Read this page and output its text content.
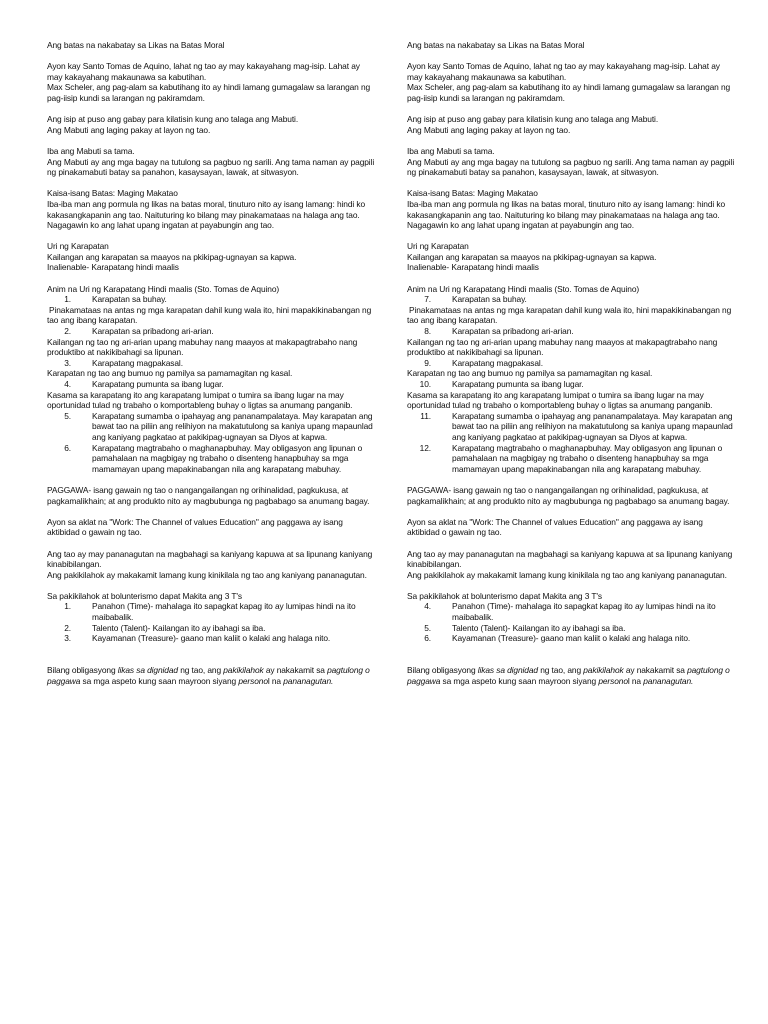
Ang batas na nakabatay sa Likas na Batas Moral
Ayon kay Santo Tomas de Aquino, lahat ng tao ay may kakayahang mag-isip. Lahat ay may kakayahang makaunawa sa kabutihan.
Max Scheler, ang pag-alam sa kabutihang ito ay hindi lamang gumagalaw sa larangan ng pag-iisip kundi sa larangan ng pakiramdam.
Ang isip at puso ang gabay para kilatisin kung ano talaga ang Mabuti.
Ang Mabuti ang laging pakay at layon ng tao.
Iba ang Mabuti sa tama.
Ang Mabuti ay ang mga bagay na tutulong sa pagbuo ng sarili. Ang tama naman ay pagpili ng pinakamabuti batay sa panahon, kasaysayan, lawak, at sitwasyon.
Kaisa-isang Batas: Maging Makatao
Iba-iba man ang pormula ng likas na batas moral, tinuturo nito ay isang lamang: hindi ko kakasangkapanin ang tao. Naituturing ko bilang may pinakamataas na halaga ang tao. Nagagawin ko ang lahat upang ingatan at payabungin ang tao.
Uri ng Karapatan
Kailangan ang karapatan sa maayos na pkikipag-ugnayan sa kapwa.
Inalienable- Karapatang hindi maalis
Anim na Uri ng Karapatang Hindi maalis (Sto. Tomas de Aquino)
1.	Karapatan sa buhay.
Pinakamataas na antas ng mga karapatan dahil kung wala ito, hini mapakikinabangan ng tao ang ibang karapatan.
2.	Karapatan sa pribadong ari-arian.
Kailangan ng tao ng ari-arian upang mabuhay nang maayos at makapagtrabaho nang produktibo at nakikibahagi sa lipunan.
3.	Karapatang magpakasal.
Karapatan ng tao ang bumuo ng pamilya sa pamamagitan ng kasal.
4.	Karapatang pumunta sa ibang lugar.
Kasama sa karapatang ito ang karapatang lumipat o tumira sa ibang lugar na may oportunidad tulad ng trabaho o komportableng buhay o ligtas sa anumang panganib.
5.	Karapatang sumamba o ipahayag ang pananampalataya. May karapatan ang bawat tao na piliin ang relihiyon na makatutulong sa kaniya upang mapaunlad ang kaniyang pagkatao at pakikipag-ugnayan sa Diyos at kapwa.
6.	Karapatang magtrabaho o maghanapbuhay. May obligasyon ang lipunan o pamahalaan na magbigay ng trabaho o disenteng hanapbuhay sa mga mamamayan upang mapakinabangan nila ang karapatang mabuhay.
PAGGAWA- isang gawain ng tao o nangangailangan ng orihinalidad, pagkukusa, at pagkamalikhain; at ang produkto nito ay magbubunga ng pagbabago sa anumang bagay.
Ayon sa aklat na "Work: The Channel of values Education" ang paggawa ay isang aktibidad o gawain ng tao.
Ang tao ay may pananagutan na magbahagi sa kaniyang kapuwa at sa lipunang kaniyang kinabibilangan.
Ang pakikilahok ay makakamit lamang kung kinikilala ng tao ang kaniyang pananagutan.
Sa pakikilahok at bolunterismo dapat Makita ang 3 T's
1.	Panahon (Time)- mahalaga ito sapagkat kapag ito ay lumipas hindi na ito maibabalik.
2.	Talento (Talent)- Kailangan ito ay ibahagi sa iba.
3.	Kayamanan (Treasure)- gaano man kaliit o kalaki ang halaga nito.
Bilang obligasyong likas sa dignidad ng tao, ang pakikilahok ay nakakamit sa pagtulong o paggawa sa mga aspeto kung saan mayroon siyang personol na pananagutan.
Ang batas na nakabatay sa Likas na Batas Moral
Ayon kay Santo Tomas de Aquino, lahat ng tao ay may kakayahang mag-isip. Lahat ay may kakayahang makaunawa sa kabutihan.
Max Scheler, ang pag-alam sa kabutihang ito ay hindi lamang gumagalaw sa larangan ng pag-iisip kundi sa larangan ng pakiramdam.
Ang isip at puso ang gabay para kilatisin kung ano talaga ang Mabuti.
Ang Mabuti ang laging pakay at layon ng tao.
Iba ang Mabuti sa tama.
Ang Mabuti ay ang mga bagay na tutulong sa pagbuo ng sarili. Ang tama naman ay pagpili ng pinakamabuti batay sa panahon, kasaysayan, lawak, at sitwasyon.
Kaisa-isang Batas: Maging Makatao
Iba-iba man ang pormula ng likas na batas moral, tinuturo nito ay isang lamang: hindi ko kakasangkapanin ang tao. Naituturing ko bilang may pinakamataas na halaga ang tao. Nagagawin ko ang lahat upang ingatan at payabungin ang tao.
Uri ng Karapatan
Kailangan ang karapatan sa maayos na pkikipag-ugnayan sa kapwa.
Inalienable- Karapatang hindi maalis
Anim na Uri ng Karapatang Hindi maalis (Sto. Tomas de Aquino)
7.	Karapatan sa buhay.
Pinakamataas na antas ng mga karapatan dahil kung wala ito, hini mapakikinabangan ng tao ang ibang karapatan.
8.	Karapatan sa pribadong ari-arian.
Kailangan ng tao ng ari-arian upang mabuhay nang maayos at makapagtrabaho nang produktibo at nakikibahagi sa lipunan.
9.	Karapatang magpakasal.
Karapatan ng tao ang bumuo ng pamilya sa pamamagitan ng kasal.
10.	Karapatang pumunta sa ibang lugar.
Kasama sa karapatang ito ang karapatang lumipat o tumira sa ibang lugar na may oportunidad tulad ng trabaho o komportableng buhay o ligtas sa anumang panganib.
11.	Karapatang sumamba o ipahayag ang pananampalataya. May karapatan ang bawat tao na piliin ang relihiyon na makatutulong sa kaniya upang mapaunlad ang kaniyang pagkatao at pakikipag-ugnayan sa Diyos at kapwa.
12.	Karapatang magtrabaho o maghanapbuhay. May obligasyon ang lipunan o pamahalaan na magbigay ng trabaho o disenteng hanapbuhay sa mga mamamayan upang mapakinabangan nila ang karapatang mabuhay.
PAGGAWA- isang gawain ng tao o nangangailangan ng orihinalidad, pagkukusa, at pagkamalikhain; at ang produkto nito ay magbubunga ng pagbabago sa anumang bagay.
Ayon sa aklat na "Work: The Channel of values Education" ang paggawa ay isang aktibidad o gawain ng tao.
Ang tao ay may pananagutan na magbahagi sa kaniyang kapuwa at sa lipunang kaniyang kinabibilangan.
Ang pakikilahok ay makakamit lamang kung kinikilala ng tao ang kaniyang pananagutan.
Sa pakikilahok at bolunterismo dapat Makita ang 3 T's
4.	Panahon (Time)- mahalaga ito sapagkat kapag ito ay lumipas hindi na ito maibabalik.
5.	Talento (Talent)- Kailangan ito ay ibahagi sa iba.
6.	Kayamanan (Treasure)- gaano man kaliit o kalaki ang halaga nito.
Bilang obligasyong likas sa dignidad ng tao, ang pakikilahok ay nakakamit sa pagtulong o paggawa sa mga aspeto kung saan mayroon siyang personol na pananagutan.
